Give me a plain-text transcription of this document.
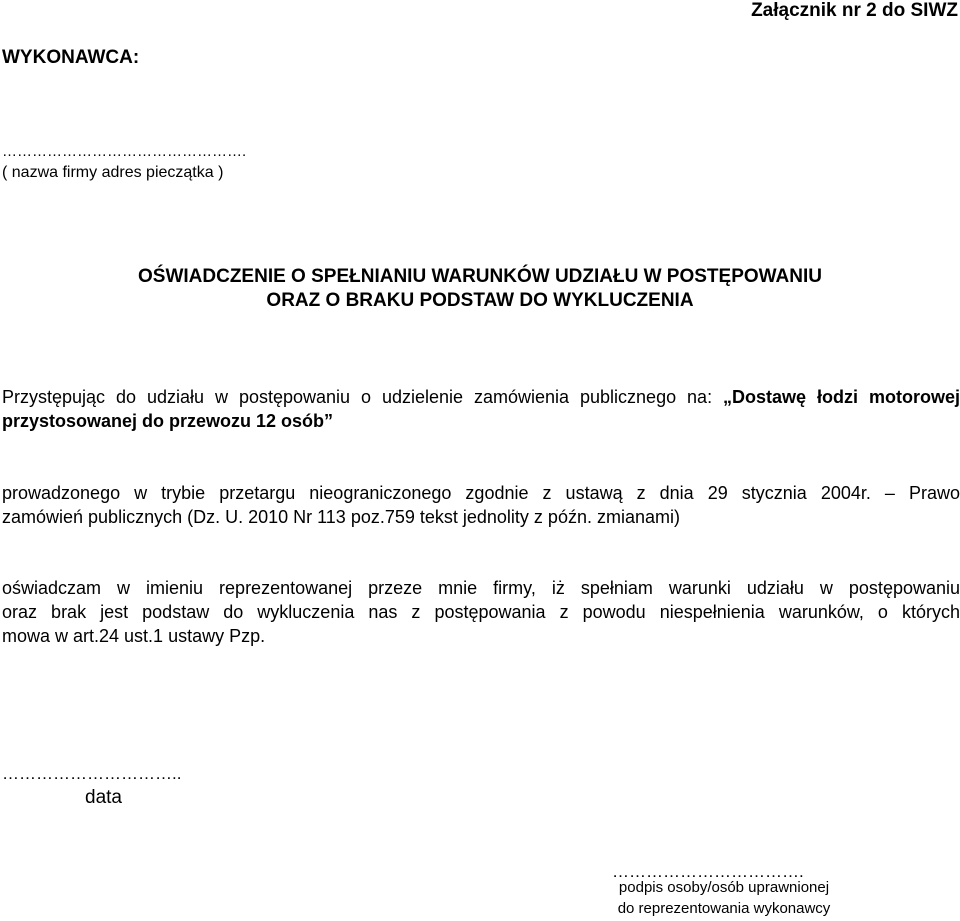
Załącznik nr 2 do SIWZ
WYKONAWCA:
………………………………………….
( nazwa firmy adres pieczątka )
OŚWIADCZENIE O SPEŁNIANIU WARUNKÓW UDZIAŁU W POSTĘPOWANIU
ORAZ O BRAKU PODSTAW DO WYKLUCZENIA
Przystępując do udziału w postępowaniu o udzielenie zamówienia publicznego na: „Dostawę łodzi motorowej przystosowanej do przewozu 12 osób”
prowadzonego w trybie przetargu nieograniczonego zgodnie z ustawą z dnia 29 stycznia 2004r. – Prawo
zamówień publicznych (Dz. U. 2010 Nr 113 poz.759 tekst jednolity z późn. zmianami)
oświadczam w imieniu reprezentowanej przeze mnie firmy, iż spełniam warunki udziału w postępowaniu
oraz brak jest podstaw do wykluczenia nas z postępowania z powodu niespełnienia warunków, o których
mowa w art.24 ust.1 ustawy Pzp.
…………………………..
data
…………………………….
podpis osoby/osób uprawnionej
do reprezentowania wykonawcy
